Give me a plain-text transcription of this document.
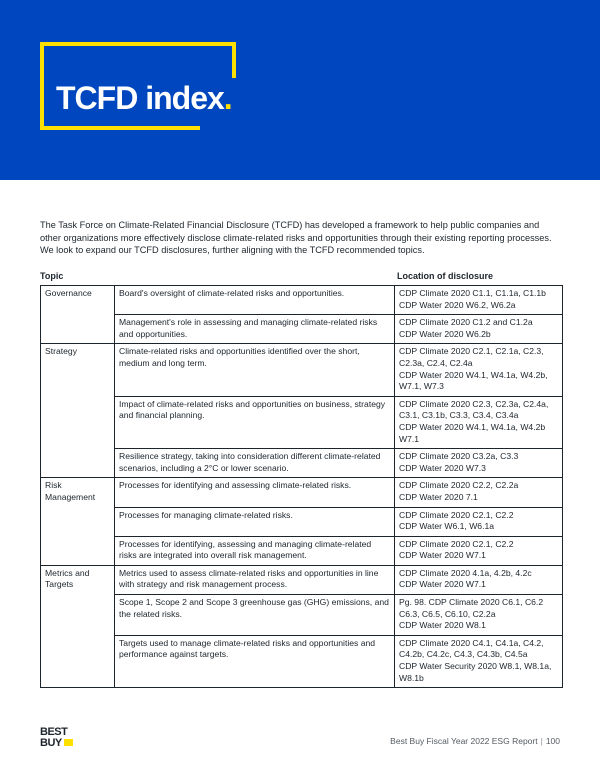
TCFD index.

The Task Force on Climate-Related Financial Disclosure (TCFD) has developed a framework to help public companies and other organizations more effectively disclose climate-related risks and opportunities through their existing reporting processes. We look to expand our TCFD disclosures, further aligning with the TCFD recommended topics.

Topic	Location of disclosure
Governance	Board's oversight of climate-related risks and opportunities.	CDP Climate 2020 C1.1, C1.1a, C1.1b
CDP Water 2020 W6.2, W6.2a
	Management's role in assessing and managing climate-related risks and opportunities.	CDP Climate 2020 C1.2 and C1.2a
CDP Water 2020 W6.2b
Strategy	Climate-related risks and opportunities identified over the short, medium and long term.	CDP Climate 2020 C2.1, C2.1a, C2.3, C2.3a, C2.4, C2.4a
CDP Water 2020 W4.1, W4.1a, W4.2b, W7.1, W7.3
	Impact of climate-related risks and opportunities on business, strategy and financial planning.	CDP Climate 2020 C2.3, C2.3a, C2.4a, C3.1, C3.1b, C3.3, C3.4, C3.4a
CDP Water 2020 W4.1, W4.1a, W4.2b W7.1
	Resilience strategy, taking into consideration different climate-related scenarios, including a 2°C or lower scenario.	CDP Climate 2020 C3.2a, C3.3
CDP Water 2020 W7.3
Risk Management	Processes for identifying and assessing climate-related risks.	CDP Climate 2020 C2.2, C2.2a
CDP Water 2020 7.1
	Processes for managing climate-related risks.	CDP Climate 2020 C2.1, C2.2
CDP Water W6.1, W6.1a
	Processes for identifying, assessing and managing climate-related risks are integrated into overall risk management.	CDP Climate 2020 C2.1, C2.2
CDP Water 2020 W7.1
Metrics and Targets	Metrics used to assess climate-related risks and opportunities in line with strategy and risk management process.	CDP Climate 2020 4.1a, 4.2b, 4.2c
CDP Water 2020 W7.1
	Scope 1, Scope 2 and Scope 3 greenhouse gas (GHG) emissions, and the related risks.	Pg. 98. CDP Climate 2020 C6.1, C6.2 C6.3, C6.5, C6.10, C2.2a
CDP Water 2020 W8.1
	Targets used to manage climate-related risks and opportunities and performance against targets.	CDP Climate 2020 C4.1, C4.1a, C4.2, C4.2b, C4.2c, C4.3, C4.3b, C4.5a
CDP Water Security 2020 W8.1, W8.1a, W8.1b
BEST
BUY	Best Buy Fiscal Year 2022 ESG Report | 100
